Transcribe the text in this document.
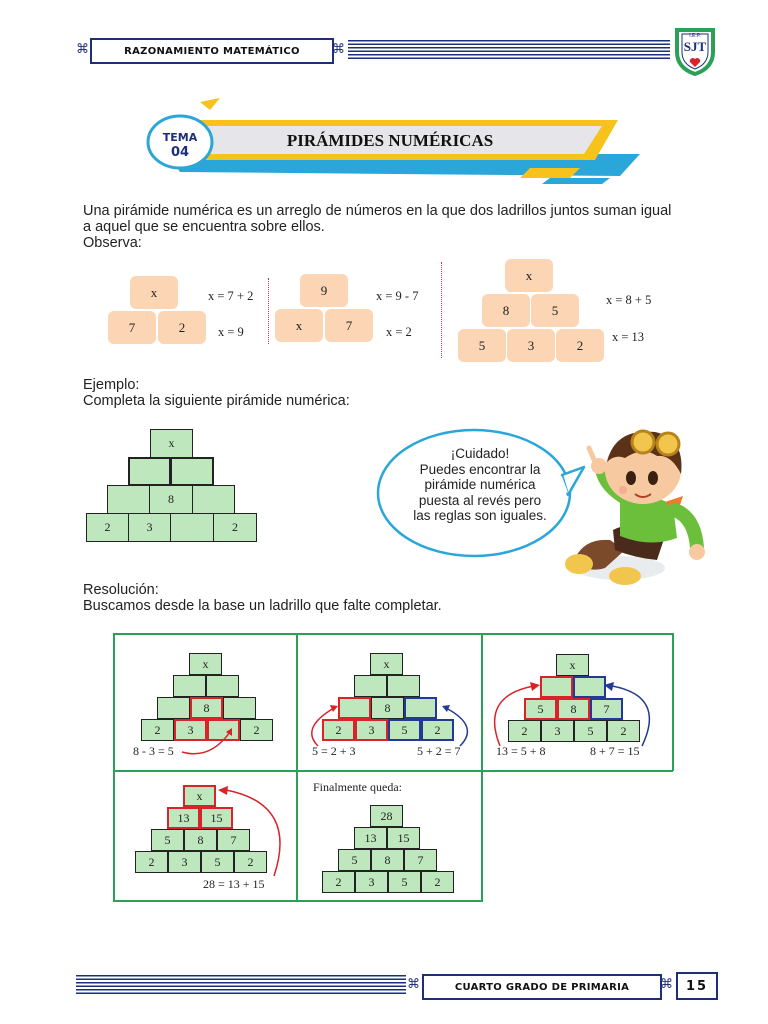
⌘	RAZONAMIENTO MATEMÁTICO ⌘
I.E.P.
SJT
TEMA
04
PIRÁMIDES NUMÉRICAS
Una pirámide numérica es un arreglo de números en la que dos ladrillos juntos suman igual
a aquel que se encuentra sobre ellos.
Observa:
x
7	2
x = 7 + 2
x = 9
9
x	7
x = 9 - 7
x = 2
x
8	5
5	3	2
x = 8 + 5
x = 13
Ejemplo:
Completa la siguiente pirámide numérica:
x
8
2	3	2
¡Cuidado!
Puedes encontrar la
pirámide numérica
puesta al revés pero
las reglas son iguales.
Resolución:
Buscamos desde la base un ladrillo que falte completar.
x
8
2	3	2
8 - 3 = 5
x
8
2	3	5	2
5 = 2 + 3	5 + 2 = 7
x
5	8	7
2	3	5	2
13 = 5 + 8	8 + 7 = 15
x
13	15
5	8	7
2	3	5	2
28 = 13 + 15
Finalmente queda:
28
13	15
5	8	7
2	3	5	2
⌘	CUARTO GRADO DE PRIMARIA ⌘ 15
